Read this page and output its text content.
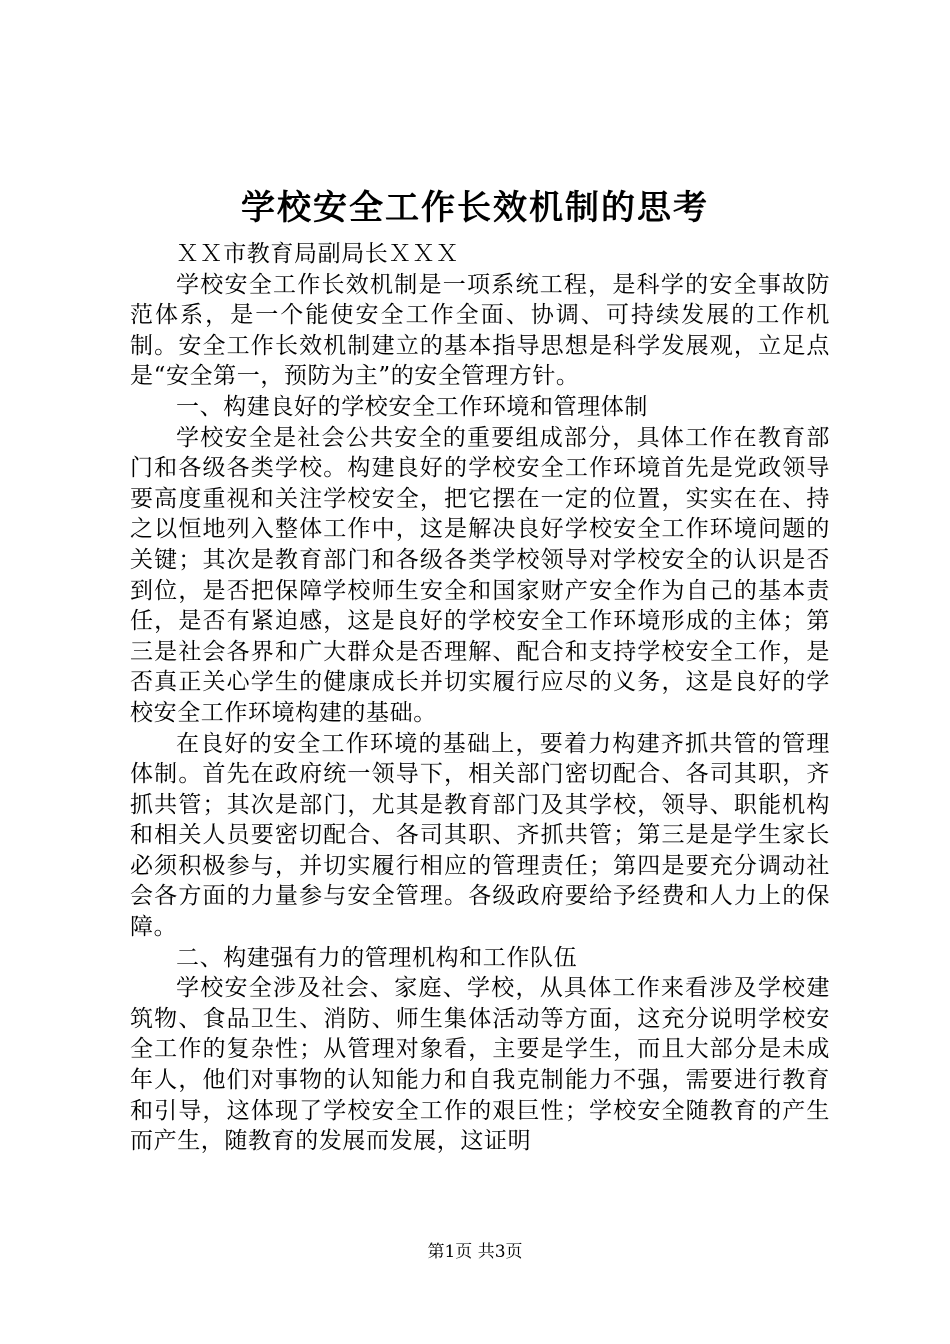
学校安全工作长效机制的思考

ＸＸ市教育局副局长ＸＸＸ

学校安全工作长效机制是一项系统工程，是科学的安全事故防范体系，是一个能使安全工作全面、协调、可持续发展的工作机制。安全工作长效机制建立的基本指导思想是科学发展观，立足点是“安全第一，预防为主”的安全管理方针。

一、构建良好的学校安全工作环境和管理体制

学校安全是社会公共安全的重要组成部分，具体工作在教育部门和各级各类学校。构建良好的学校安全工作环境首先是党政领导要高度重视和关注学校安全，把它摆在一定的位置，实实在在、持之以恒地列入整体工作中，这是解决良好学校安全工作环境问题的关键；其次是教育部门和各级各类学校领导对学校安全的认识是否到位，是否把保障学校师生安全和国家财产安全作为自己的基本责任，是否有紧迫感，这是良好的学校安全工作环境形成的主体；第三是社会各界和广大群众是否理解、配合和支持学校安全工作，是否真正关心学生的健康成长并切实履行应尽的义务，这是良好的学校安全工作环境构建的基础。

在良好的安全工作环境的基础上，要着力构建齐抓共管的管理体制。首先在政府统一领导下，相关部门密切配合、各司其职，齐抓共管；其次是部门，尤其是教育部门及其学校，领导、职能机构和相关人员要密切配合、各司其职、齐抓共管；第三是是学生家长必须积极参与，并切实履行相应的管理责任；第四是要充分调动社会各方面的力量参与安全管理。各级政府要给予经费和人力上的保障。

二、构建强有力的管理机构和工作队伍

学校安全涉及社会、家庭、学校，从具体工作来看涉及学校建筑物、食品卫生、消防、师生集体活动等方面，这充分说明学校安全工作的复杂性；从管理对象看，主要是学生，而且大部分是未成年人，他们对事物的认知能力和自我克制能力不强，需要进行教育和引导，这体现了学校安全工作的艰巨性；学校安全随教育的产生而产生，随教育的发展而发展，这证明

第1页 共3页
